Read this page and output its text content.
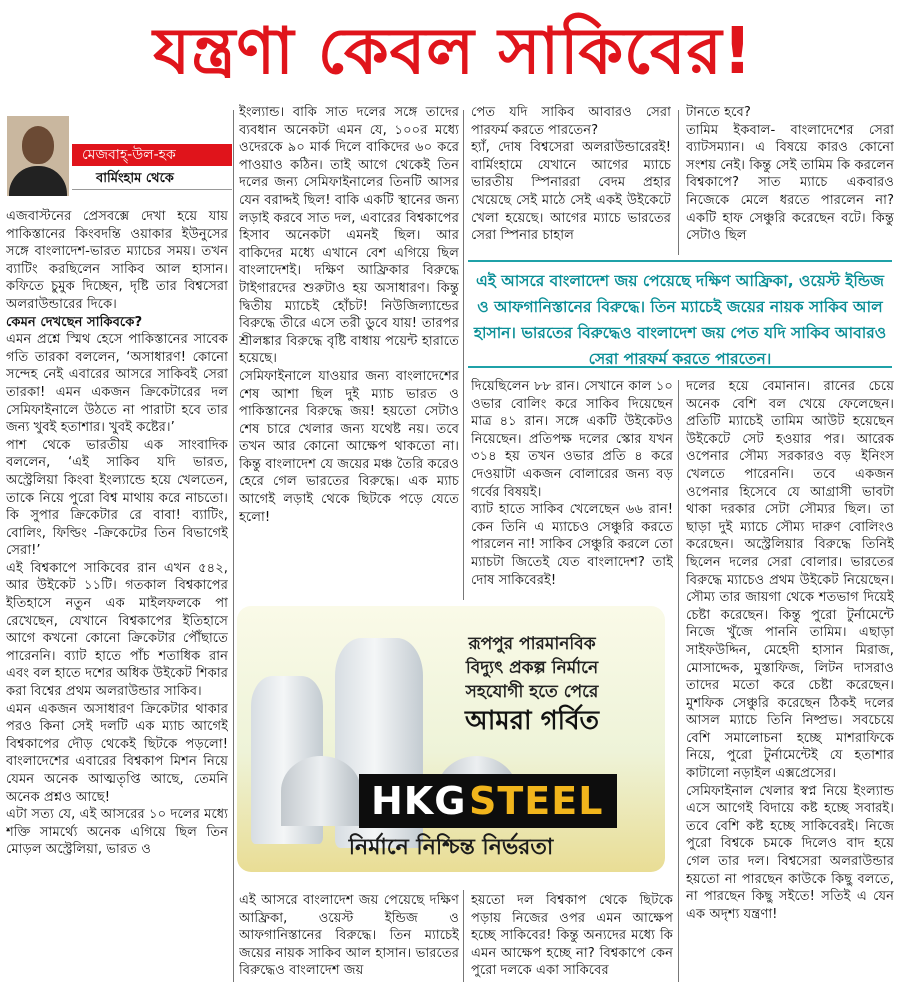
যন্ত্রণা কেবল সাকিবের!
মেজবাহ্-উল-হক
বার্মিংহাম থেকে

এজবাস্টনের প্রেসবক্সে দেখা হয়ে যায় পাকিস্তানের কিংবদন্তি ওয়াকার ইউনুসের সঙ্গে বাংলাদেশ-ভারত ম্যাচের সময়। তখন ব্যাটিং করছিলেন সাকিব আল হাসান। কফিতে চুমুক দিচ্ছেন, দৃষ্টি তার বিশ্বসেরা অলরাউন্ডারের দিকে।

কেমন দেখছেন সাকিবকে?

এমন প্রশ্নে স্মিথ হেসে পাকিস্তানের সাবেক গতি তারকা বললেন, ‘অসাধারণ! কোনো সন্দেহ নেই এবারের আসরে সাকিবই সেরা তারকা! এমন একজন ক্রিকেটারের দল সেমিফাইনালে উঠতে না পারাটা হবে তার জন্য খুবই হতাশার। খুবই কষ্টের।’

পাশ থেকে ভারতীয় এক সাংবাদিক বললেন, ‘এই সাকিব যদি ভারত, অস্ট্রেলিয়া কিংবা ইংল্যান্ডে হয়ে খেলতেন, তাকে নিয়ে পুরো বিশ্ব মাথায় করে নাচতো। কি সুপার ক্রিকেটার রে বাবা! ব্যাটিং, বোলিং, ফিল্ডিং -ক্রিকেটের তিন বিভাগেই সেরা!’

এই বিশ্বকাপে সাকিবের রান এখন ৫৪২, আর উইকেট ১১টি। গতকাল বিশ্বকাপের ইতিহাসে নতুন এক মাইলফলকে পা রেখেছেন, যেখানে বিশ্বকাপের ইতিহাসে আগে কখনো কোনো ক্রিকেটার পৌঁছাতে পারেননি। ব্যাট হাতে পাঁচ শতাধিক রান এবং বল হাতে দশের অধিক উইকেট শিকার করা বিশ্বের প্রথম অলরাউন্ডার সাকিব।

এমন একজন অসাধারণ ক্রিকেটার থাকার পরও কিনা সেই দলটি এক ম্যাচ আগেই বিশ্বকাপের দৌড় থেকেই ছিটকে পড়লো! বাংলাদেশের এবারের বিশ্বকাপ মিশন নিয়ে যেমন অনেক আত্মতৃপ্তি আছে, তেমনি অনেক প্রশ্নও আছে!

এটা সত্য যে, এই আসরের ১০ দলের মধ্যে শক্তি সামর্থ্যে অনেক এগিয়ে ছিল তিন মোড়ল অস্ট্রেলিয়া, ভারত ও

ইংল্যান্ড। বাকি সাত দলের সঙ্গে তাদের ব্যবধান অনেকটা এমন যে, ১০০র মধ্যে ওদেরকে ৯০ মার্ক দিলে বাকিদের ৬০ করে পাওয়াও কঠিন। তাই আগে থেকেই তিন দলের জন্য সেমিফাইনালের তিনটি আসর যেন বরাদ্দই ছিল! বাকি একটি স্থানের জন্য লড়াই করবে সাত দল, এবারের বিশ্বকাপের হিসাব অনেকটা এমনই ছিল। আর বাকিদের মধ্যে এখানে বেশ এগিয়ে ছিল বাংলাদেশই। দক্ষিণ আফ্রিকার বিরুদ্ধে টাইগারদের শুরুটাও হয় অসাধারণ। কিন্তু দ্বিতীয় ম্যাচেই হোঁচট! নিউজিল্যান্ডের বিরুদ্ধে তীরে এসে তরী ডুবে যায়! তারপর শ্রীলঙ্কার বিরুদ্ধে বৃষ্টি বাধায় পয়েন্ট হারাতে হয়েছে।

সেমিফাইনালে যাওয়ার জন্য বাংলাদেশের শেষ আশা ছিল দুই ম্যাচ ভারত ও পাকিস্তানের বিরুদ্ধে জয়! হয়তো সেটাও শেষ চারে খেলার জন্য যথেষ্ট নয়। তবে তখন আর কোনো আক্ষেপ থাকতো না। কিন্তু বাংলাদেশ যে জয়ের মঞ্চ তৈরি করেও হেরে গেল ভারতের বিরুদ্ধে। এক ম্যাচ আগেই লড়াই থেকে ছিটকে পড়ে যেতে হলো!

পেত যদি সাকিব আবারও সেরা পারফর্ম করতে পারতেন?

হ্যাঁ, দোষ বিশ্বসেরা অলরাউন্ডারেরই! বার্মিংহামে যেখানে আগের ম্যাচে ভারতীয় স্পিনাররা বেদম প্রহার খেয়েছে সেই মাঠে সেই একই উইকেটে খেলা হয়েছে। আগের ম্যাচে ভারতের সেরা স্পিনার চাহাল

টানতে হবে?

তামিম ইকবাল- বাংলাদেশের সেরা ব্যাটসম্যান। এ বিষয়ে কারও কোনো সংশয় নেই। কিন্তু সেই তামিম কি করলেন বিশ্বকাপে? সাত ম্যাচে একবারও নিজেকে মেলে ধরতে পারলেন না? একটি হাফ সেঞ্চুরি করেছেন বটে। কিন্তু সেটাও ছিল

এই আসরে বাংলাদেশ জয় পেয়েছে দক্ষিণ আফ্রিকা, ওয়েস্ট ইন্ডিজ ও আফগানিস্তানের বিরুদ্ধে। তিন ম্যাচেই জয়ের নায়ক সাকিব আল হাসান। ভারতের বিরুদ্ধেও বাংলাদেশ জয় পেত যদি সাকিব আবারও সেরা পারফর্ম করতে পারতেন।

দিয়েছিলেন ৮৮ রান। সেখানে কাল ১০ ওভার বোলিং করে সাকিব দিয়েছেন মাত্র ৪১ রান। সঙ্গে একটি উইকেটও নিয়েছেন। প্রতিপক্ষ দলের স্কোর যখন ৩১৪ হয় তখন ওভার প্রতি ৪ করে দেওয়াটা একজন বোলারের জন্য বড় গর্বের বিষয়ই।

ব্যাট হাতে সাকিব খেলেছেন ৬৬ রান! কেন তিনি এ ম্যাচেও সেঞ্চুরি করতে পারলেন না! সাকিব সেঞ্চুরি করলে তো ম্যাচটা জিতেই যেত বাংলাদেশ? তাই দোষ সাকিবেরই!

দলের হয়ে বেমানান। রানের চেয়ে অনেক বেশি বল খেয়ে ফেলেছেন। প্রতিটি ম্যাচেই তামিম আউট হয়েছেন উইকেটে সেট হওয়ার পর। আরেক ওপেনার সৌম্য সরকারও বড় ইনিংস খেলতে পারেননি। তবে একজন ওপেনার হিসেবে যে আগ্রাসী ভাবটা থাকা দরকার সেটা সৌম্যর ছিল। তা ছাড়া দুই ম্যাচে সৌম্য দারুণ বোলিংও করেছেন। অস্ট্রেলিয়ার বিরুদ্ধে তিনিই ছিলেন দলের সেরা বোলার। ভারতের বিরুদ্ধে ম্যাচেও প্রথম উইকেট নিয়েছেন। সৌম্য তার জায়গা থেকে শতভাগ দিয়েই চেষ্টা করেছেন। কিন্তু পুরো টুর্নামেন্টে নিজে খুঁজে পাননি তামিম। এছাড়া সাইফউদ্দিন, মেহেদী হাসান মিরাজ, মোসাদ্দেক, মুস্তাফিজ, লিটন দাসরাও তাদের মতো করে চেষ্টা করেছেন। মুশফিক সেঞ্চুরি করেছেন ঠিকই দলের আসল ম্যাচে তিনি নিষ্প্রভ। সবচেয়ে বেশি সমালোচনা হচ্ছে মাশরাফিকে নিয়ে, পুরো টুর্নামেন্টেই যে হতাশার কাটালো নড়াইল এক্সপ্রেসের।

সেমিফাইনাল খেলার স্বপ্ন নিয়ে ইংল্যান্ড এসে আগেই বিদায়ে কষ্ট হচ্ছে সবারই। তবে বেশি কষ্ট হচ্ছে সাকিবেরই। নিজে পুরো বিশ্বকে চমকে দিলেও বাদ হয়ে গেল তার দল। বিশ্বসেরা অলরাউন্ডার হয়তো না পারছেন কাউকে কিছু বলতে, না পারছেন কিছু সইতে! সতিই এ যেন এক অদৃশ্য যন্ত্রণা!

রূপপুর পারমানবিক
বিদ্যুৎ প্রকল্প নির্মানে
সহযোগী হতে পেরে
আমরা গর্বিত
HKG STEEL
নির্মানে নিশ্চিন্ত নির্ভরতা

এই আসরে বাংলাদেশ জয় পেয়েছে দক্ষিণ আফ্রিকা, ওয়েস্ট ইন্ডিজ ও আফগানিস্তানের বিরুদ্ধে। তিন ম্যাচেই জয়ের নায়ক সাকিব আল হাসান। ভারতের বিরুদ্ধেও বাংলাদেশ জয়

হয়তো দল বিশ্বকাপ থেকে ছিটকে পড়ায় নিজের ওপর এমন আক্ষেপ হচ্ছে সাকিবের! কিন্তু অন্যদের মধ্যে কি এমন আক্ষেপ হচ্ছে না? বিশ্বকাপে কেন পুরো দলকে একা সাকিবের
